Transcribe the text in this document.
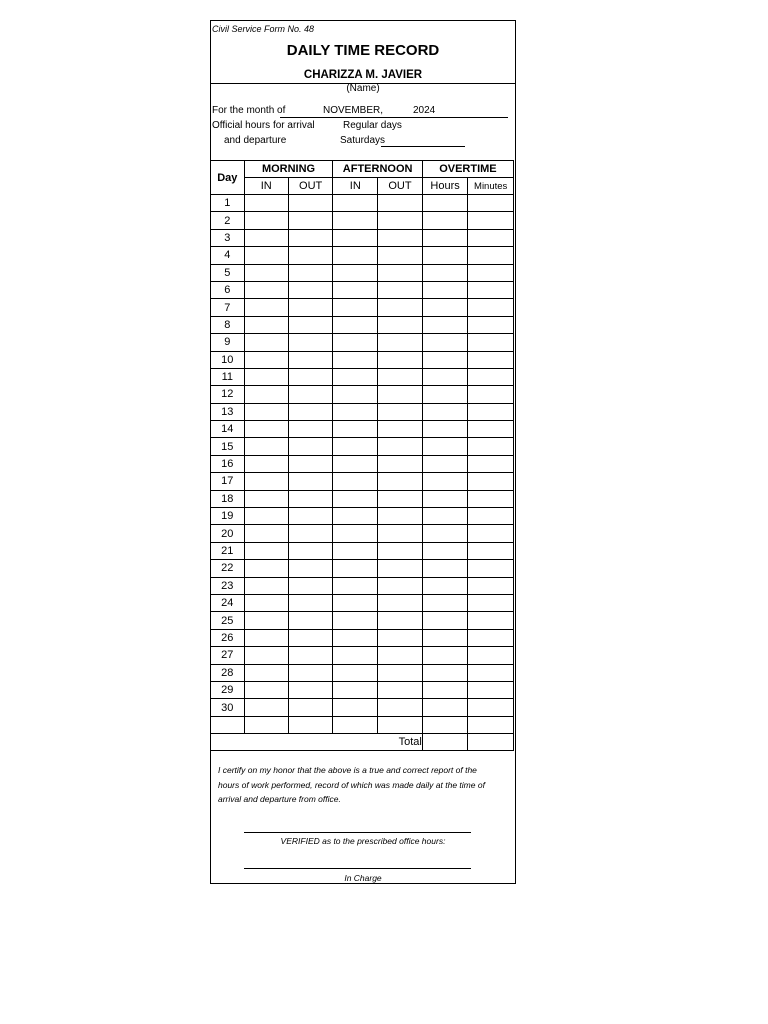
Civil Service Form No. 48
DAILY TIME RECORD
CHARIZZA M. JAVIER
(Name)
For the month of	NOVEMBER,	2024
Official hours for arrival
and departure
Regular days
Saturdays
Day	MORNING		AFTERNOON		OVERTIME	
	IN	OUT	IN	OUT	Hours	Minutes
1						
2						
3						
4						
5						
6						
7						
8						
9						
10						
11						
12						
13						
14						
15						
16						
17						
18						
19						
20						
21						
22						
23						
24						
25						
26						
27						
28						
29						
30						

Total						
I certify on my honor that the above is a true and correct report of the hours of work performed, record of which was made daily at the time of arrival and departure from office.
VERIFIED as to the prescribed office hours:
In Charge
